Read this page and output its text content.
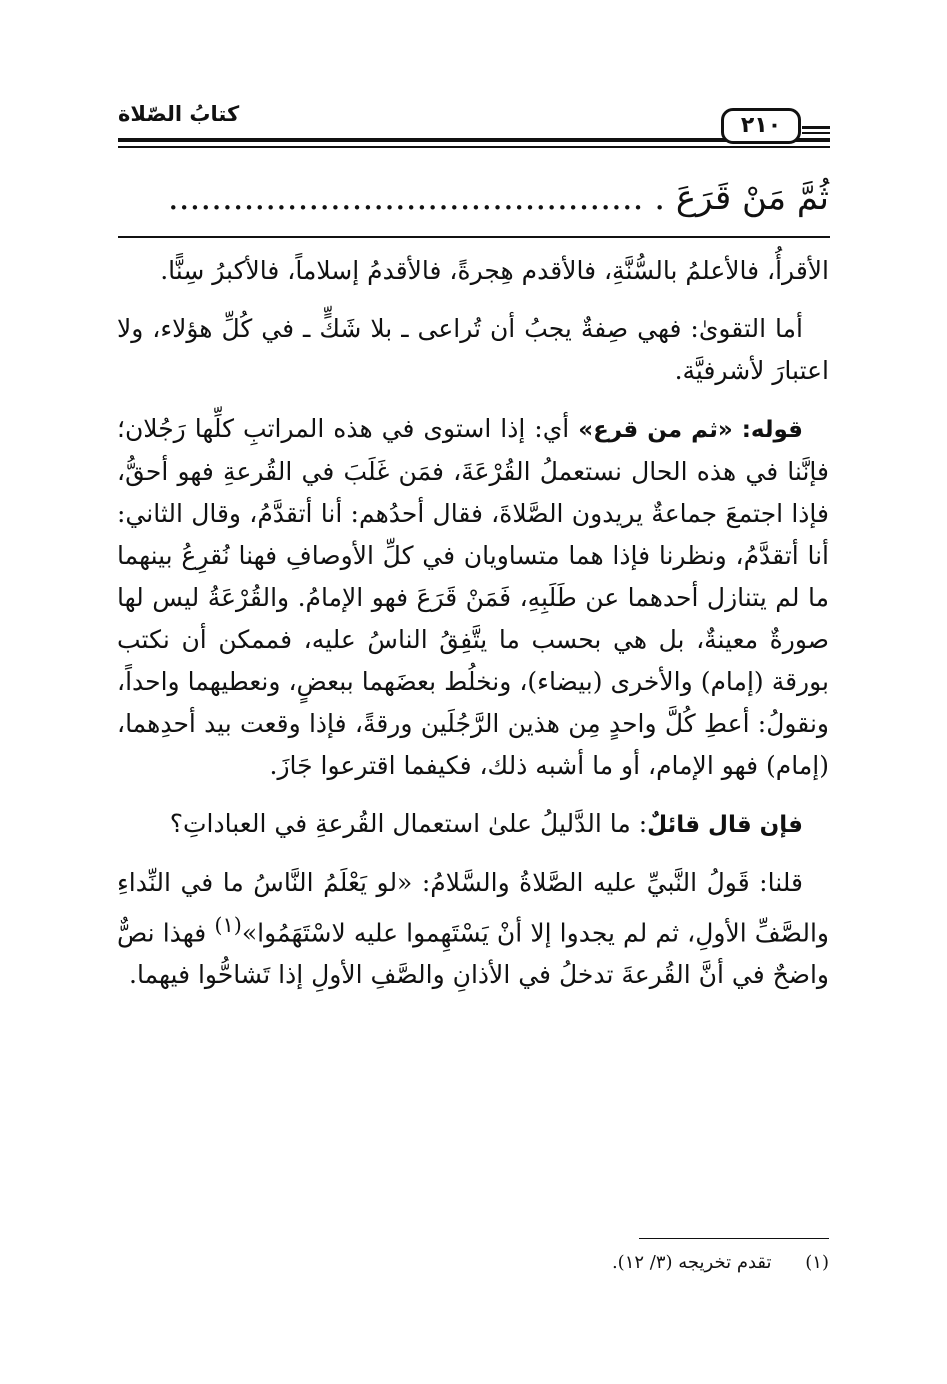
كتابُ الصّلاة	٢١٠
ثُمَّ مَنْ قَرَعَ . ............................................

الأقرأُ، فالأعلمُ بالسُّنَّةِ، فالأقدم هِجرةً، فالأقدمُ إسلاماً، فالأكبرُ سِنًّا.

أما التقوىٰ: فهي صِفةٌ يجبُ أن تُراعى ـ بلا شَكٍّ ـ في كُلِّ هؤلاء، ولا اعتبارَ لأشرفيَّة.

قوله: «ثم من قرع» أي: إذا استوى في هذه المراتبِ كلِّها رَجُلان؛ فإنَّنا في هذه الحال نستعملُ القُرْعَةَ، فمَن غَلَبَ في القُرعةِ فهو أحقُّ، فإذا اجتمعَ جماعةٌ يريدون الصَّلاةَ، فقال أحدُهم: أنا أتقدَّمُ، وقال الثاني: أنا أتقدَّمُ، ونظرنا فإذا هما متساويان في كلِّ الأوصافِ فهنا نُقرِعُ بينهما ما لم يتنازل أحدهما عن طَلَبِهِ، فَمَنْ قَرَعَ فهو الإمامُ. والقُرْعَةُ ليس لها صورةٌ معينةٌ، بل هي بحسب ما يتَّفِقُ الناسُ عليه، فممكن أن نكتب بورقة (إمام) والأخرى (بيضاء)، ونخلُط بعضَهما ببعضٍ، ونعطيهما واحداً، ونقولُ: أعطِ كُلَّ واحدٍ مِن هذين الرَّجُلَين ورقةً، فإذا وقعت بيد أحدِهما، (إمام) فهو الإمام، أو ما أشبه ذلك، فكيفما اقترعوا جَازَ.

فإن قال قائلٌ: ما الدَّليلُ علىٰ استعمال القُرعةِ في العباداتِ؟

قلنا: قَولُ النَّبيِّ عليه الصَّلاةُ والسَّلامُ: «لو يَعْلَمُ النَّاسُ ما في النِّداءِ والصَّفِّ الأولِ، ثم لم يجدوا إلا أنْ يَسْتَهِموا عليه لاسْتَهَمُوا»$^{(١)}$ فهذا نصٌّ واضحٌ في أنَّ القُرعةَ تدخلُ في الأذانِ والصَّفِ الأولِ إذا تَشاحُّوا فيهما.

(١) تقدم تخريجه (٣/ ١٢).
